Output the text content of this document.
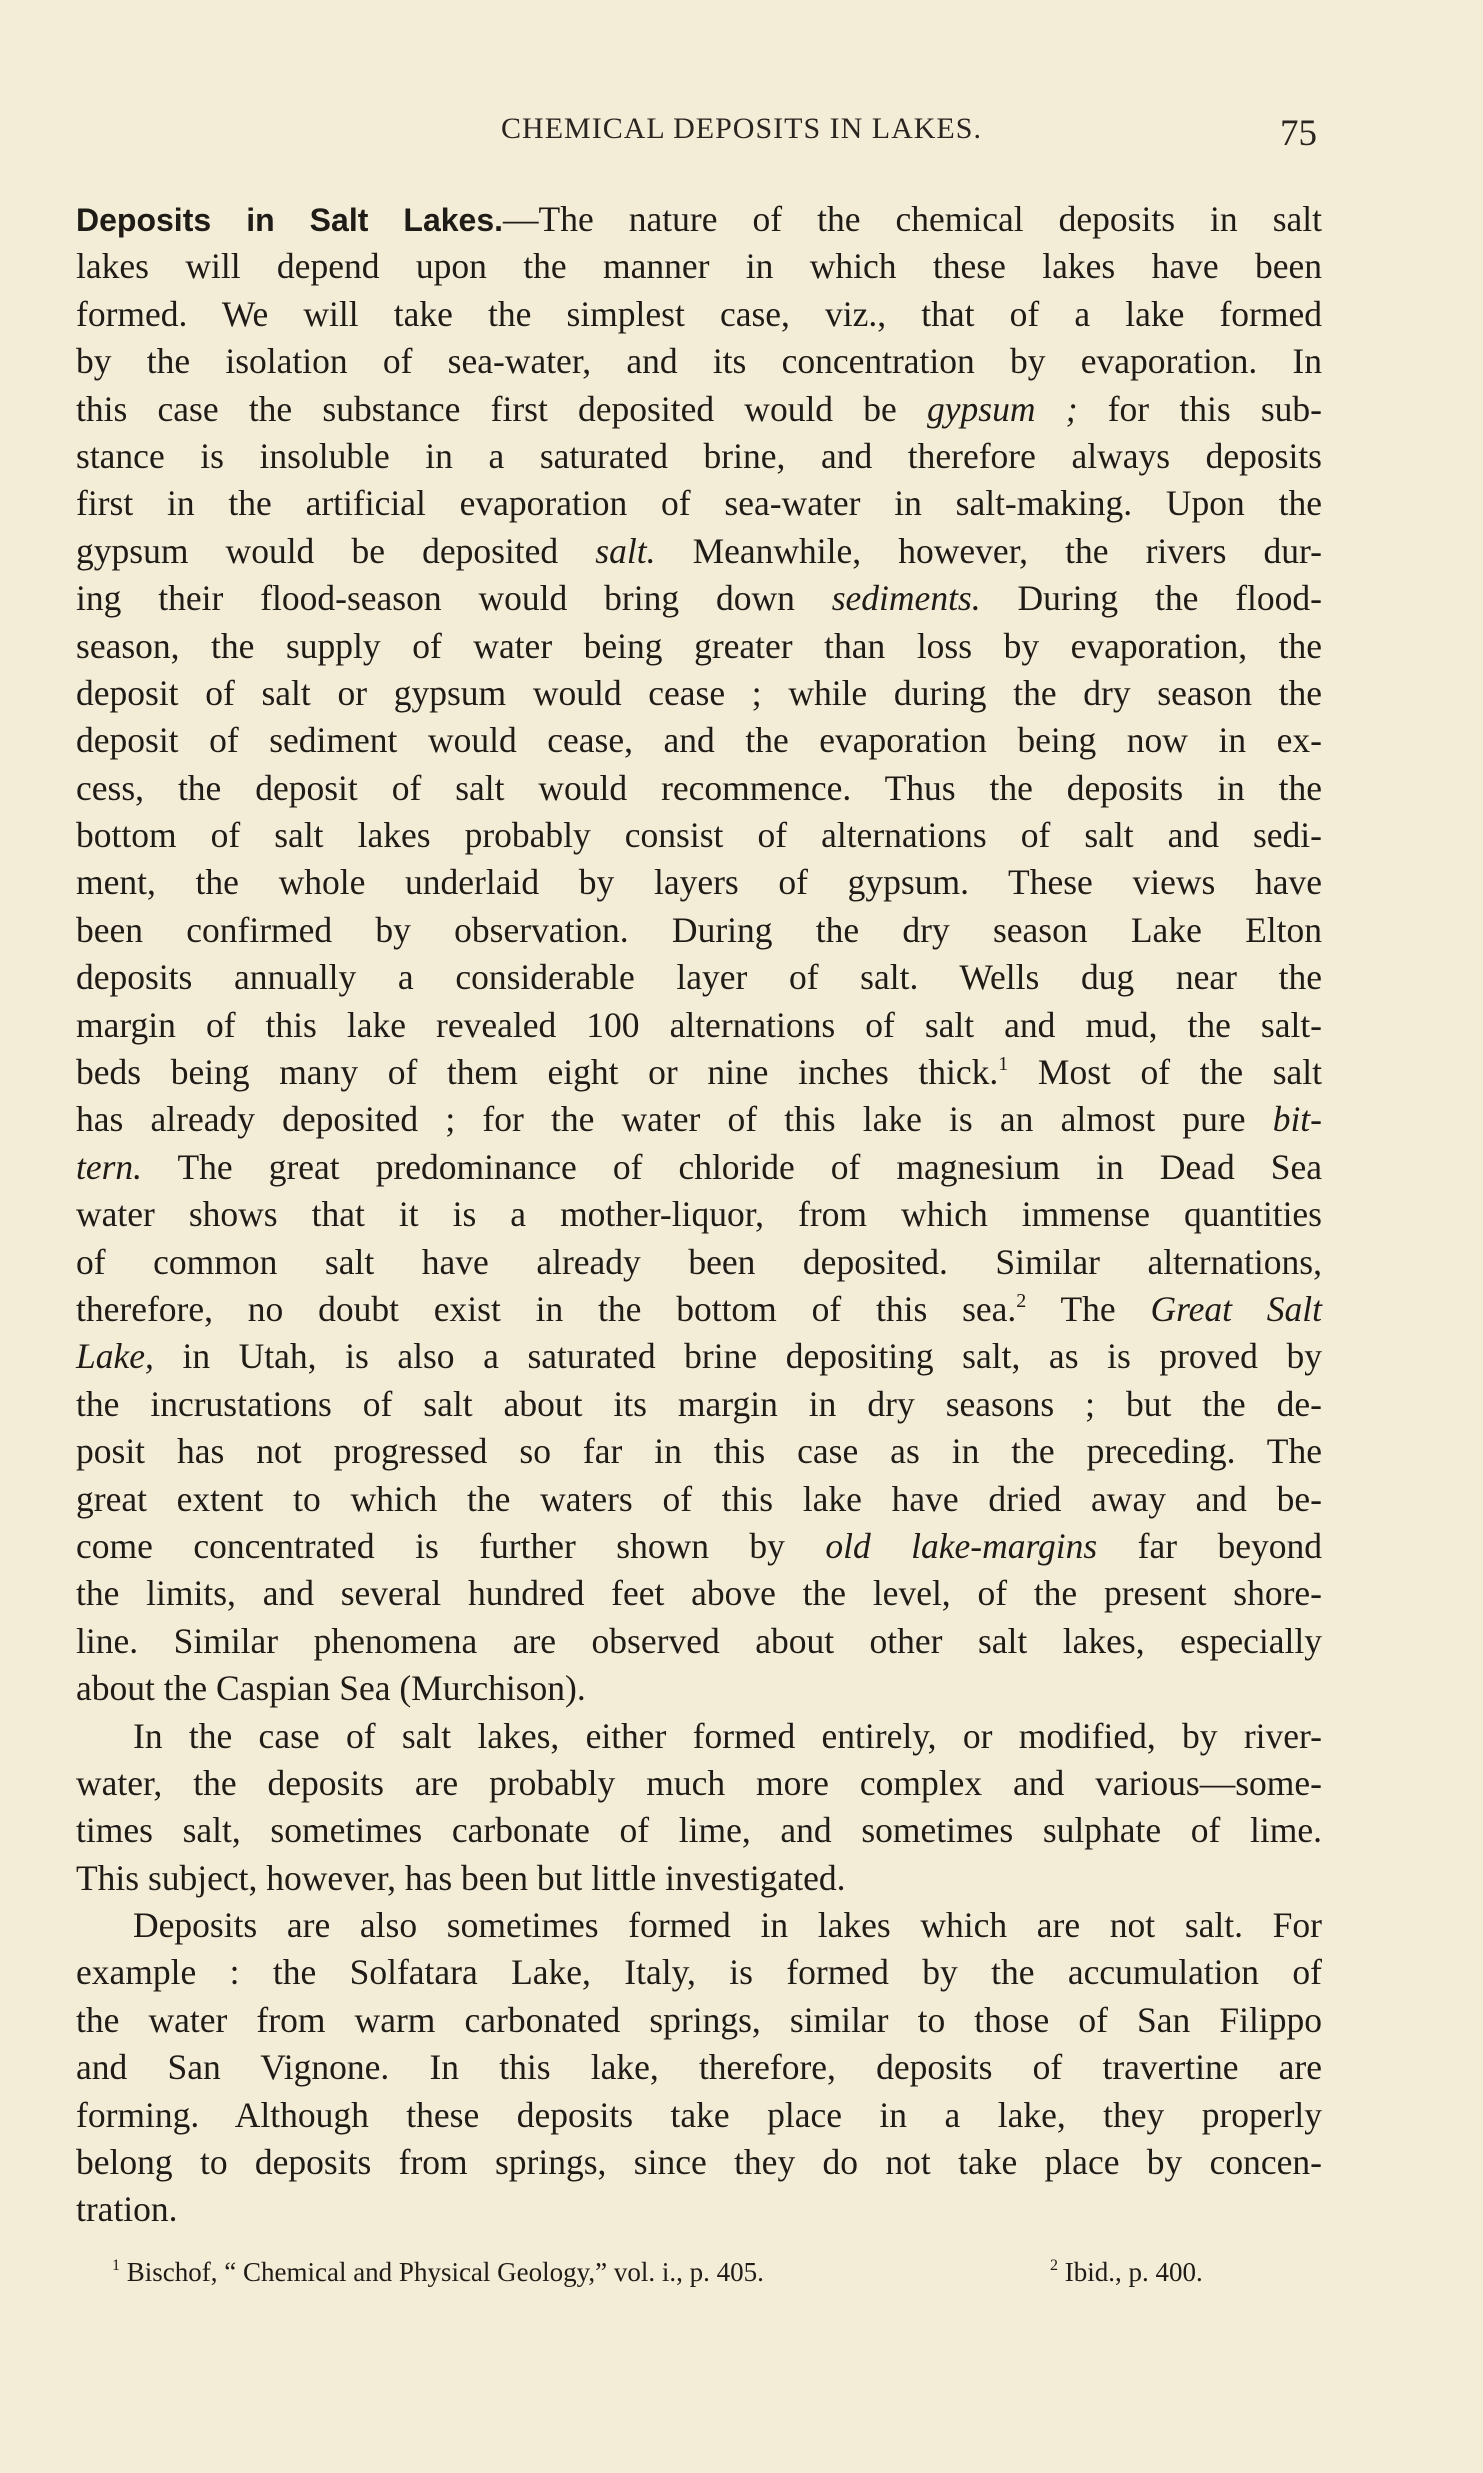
CHEMICAL DEPOSITS IN LAKES.	75
Deposits in Salt Lakes.—The nature of the chemical deposits in salt
lakes will depend upon the manner in which these lakes have been
formed. We will take the simplest case, viz., that of a lake formed
by the isolation of sea-water, and its concentration by evaporation. In
this case the substance first deposited would be gypsum ; for this sub-
stance is insoluble in a saturated brine, and therefore always deposits
first in the artificial evaporation of sea-water in salt-making. Upon the
gypsum would be deposited salt. Meanwhile, however, the rivers dur-
ing their flood-season would bring down sediments. During the flood-
season, the supply of water being greater than loss by evaporation, the
deposit of salt or gypsum would cease ; while during the dry season the
deposit of sediment would cease, and the evaporation being now in ex-
cess, the deposit of salt would recommence. Thus the deposits in the
bottom of salt lakes probably consist of alternations of salt and sedi-
ment, the whole underlaid by layers of gypsum. These views have
been confirmed by observation. During the dry season Lake Elton
deposits annually a considerable layer of salt. Wells dug near the
margin of this lake revealed 100 alternations of salt and mud, the salt-
beds being many of them eight or nine inches thick.$^1$ Most of the salt
has already deposited ; for the water of this lake is an almost pure bit-
tern. The great predominance of chloride of magnesium in Dead Sea
water shows that it is a mother-liquor, from which immense quantities
of common salt have already been deposited. Similar alternations,
therefore, no doubt exist in the bottom of this sea.$^2$ The Great Salt
Lake, in Utah, is also a saturated brine depositing salt, as is proved by
the incrustations of salt about its margin in dry seasons ; but the de-
posit has not progressed so far in this case as in the preceding. The
great extent to which the waters of this lake have dried away and be-
come concentrated is further shown by old lake-margins far beyond
the limits, and several hundred feet above the level, of the present shore-
line. Similar phenomena are observed about other salt lakes, especially
about the Caspian Sea (Murchison).
In the case of salt lakes, either formed entirely, or modified, by river-
water, the deposits are probably much more complex and various—some-
times salt, sometimes carbonate of lime, and sometimes sulphate of lime.
This subject, however, has been but little investigated.
Deposits are also sometimes formed in lakes which are not salt. For
example : the Solfatara Lake, Italy, is formed by the accumulation of
the water from warm carbonated springs, similar to those of San Filippo
and San Vignone. In this lake, therefore, deposits of travertine are
forming. Although these deposits take place in a lake, they properly
belong to deposits from springs, since they do not take place by concen-
tration.
$^1$ Bischof, “ Chemical and Physical Geology,” vol. i., p. 405.	$^2$ Ibid., p. 400.
